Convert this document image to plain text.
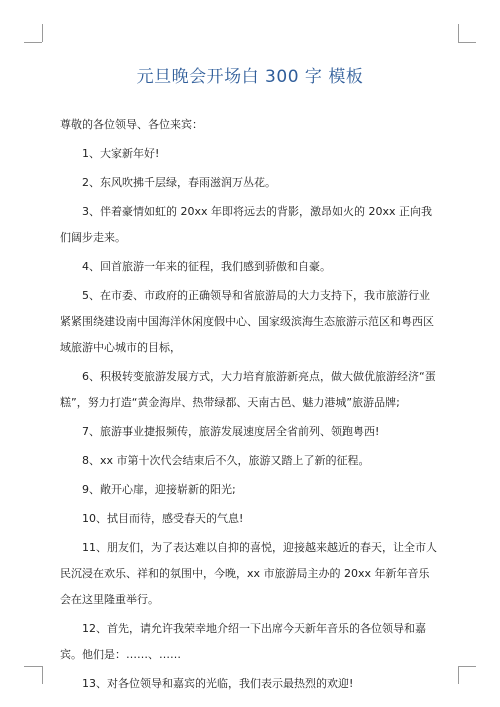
元旦晚会开场白 300 字 模板

尊敬的各位领导、各位来宾：

1、大家新年好!

2、东风吹拂千层绿，春雨滋润万丛花。

3、伴着豪情如虹的 20xx 年即将远去的背影，激昂如火的 20xx 正向我们阔步走来。

4、回首旅游一年来的征程，我们感到骄傲和自豪。

5、在市委、市政府的正确领导和省旅游局的大力支持下，我市旅游行业紧紧围绕建设南中国海洋休闲度假中心、国家级滨海生态旅游示范区和粤西区域旅游中心城市的目标，

6、积极转变旅游发展方式，大力培育旅游新亮点，做大做优旅游经济“蛋糕”，努力打造“黄金海岸、热带绿都、天南古邑、魅力港城”旅游品牌;

7、旅游事业捷报频传，旅游发展速度居全省前列、领跑粤西!

8、xx 市第十次代会结束后不久，旅游又踏上了新的征程。

9、敞开心扉，迎接崭新的阳光;

10、拭目而待，感受春天的气息!

11、朋友们，为了表达难以自抑的喜悦，迎接越来越近的春天，让全市人民沉浸在欢乐、祥和的氛围中，今晚，xx 市旅游局主办的 20xx 年新年音乐会在这里隆重举行。

12、首先，请允许我荣幸地介绍一下出席今天新年音乐的各位领导和嘉宾。他们是：……、……

13、对各位领导和嘉宾的光临，我们表示最热烈的欢迎!
